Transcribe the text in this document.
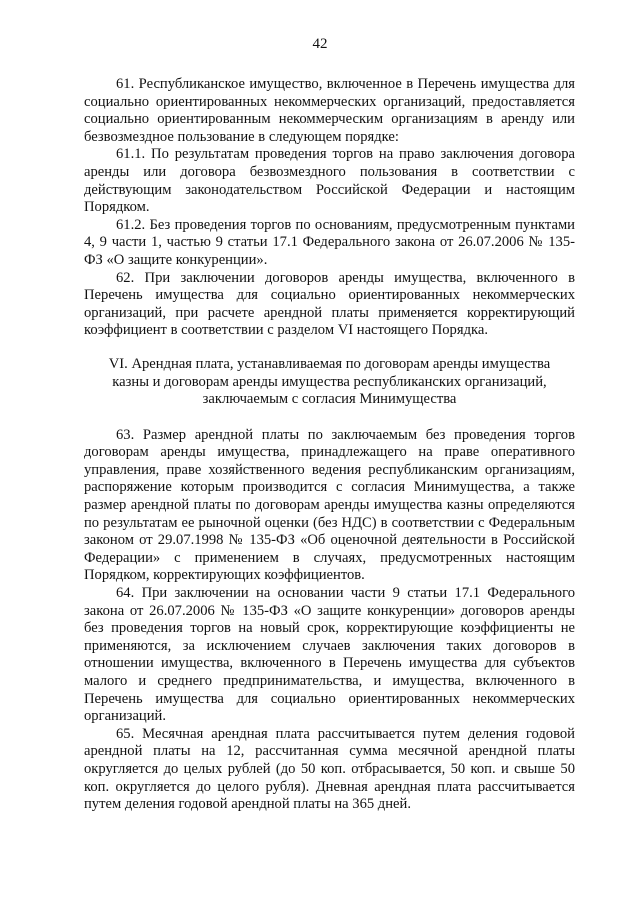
42

61. Республиканское имущество, включенное в Перечень имущества для социально ориентированных некоммерческих организаций, предоставляется социально ориентированным некоммерческим организациям в аренду или безвозмездное пользование в следующем порядке:

61.1. По результатам проведения торгов на право заключения договора аренды или договора безвозмездного пользования в соответствии с действующим законодательством Российской Федерации и настоящим Порядком.

61.2. Без проведения торгов по основаниям, предусмотренным пунктами 4, 9 части 1, частью 9 статьи 17.1 Федерального закона от 26.07.2006 № 135-ФЗ «О защите конкуренции».

62. При заключении договоров аренды имущества, включенного в Перечень имущества для социально ориентированных некоммерческих организаций, при расчете арендной платы применяется корректирующий коэффициент в соответствии с разделом VI настоящего Порядка.

VI. Арендная плата, устанавливаемая по договорам аренды имущества
казны и договорам аренды имущества республиканских организаций,
заключаемым с согласия Минимущества

63. Размер арендной платы по заключаемым без проведения торгов договорам аренды имущества, принадлежащего на праве оперативного управления, праве хозяйственного ведения республиканским организациям, распоряжение которым производится с согласия Минимущества, а также размер арендной платы по договорам аренды имущества казны определяются по результатам ее рыночной оценки (без НДС) в соответствии с Федеральным законом от 29.07.1998 № 135-ФЗ «Об оценочной деятельности в Российской Федерации» с применением в случаях, предусмотренных настоящим Порядком, корректирующих коэффициентов.

64. При заключении на основании части 9 статьи 17.1 Федерального закона от 26.07.2006 № 135-ФЗ «О защите конкуренции» договоров аренды без проведения торгов на новый срок, корректирующие коэффициенты не применяются, за исключением случаев заключения таких договоров в отношении имущества, включенного в Перечень имущества для субъектов малого и среднего предпринимательства, и имущества, включенного в Перечень имущества для социально ориентированных некоммерческих организаций.

65. Месячная арендная плата рассчитывается путем деления годовой арендной платы на 12, рассчитанная сумма месячной арендной платы округляется до целых рублей (до 50 коп. отбрасывается, 50 коп. и свыше 50 коп. округляется до целого рубля). Дневная арендная плата рассчитывается путем деления годовой арендной платы на 365 дней.
